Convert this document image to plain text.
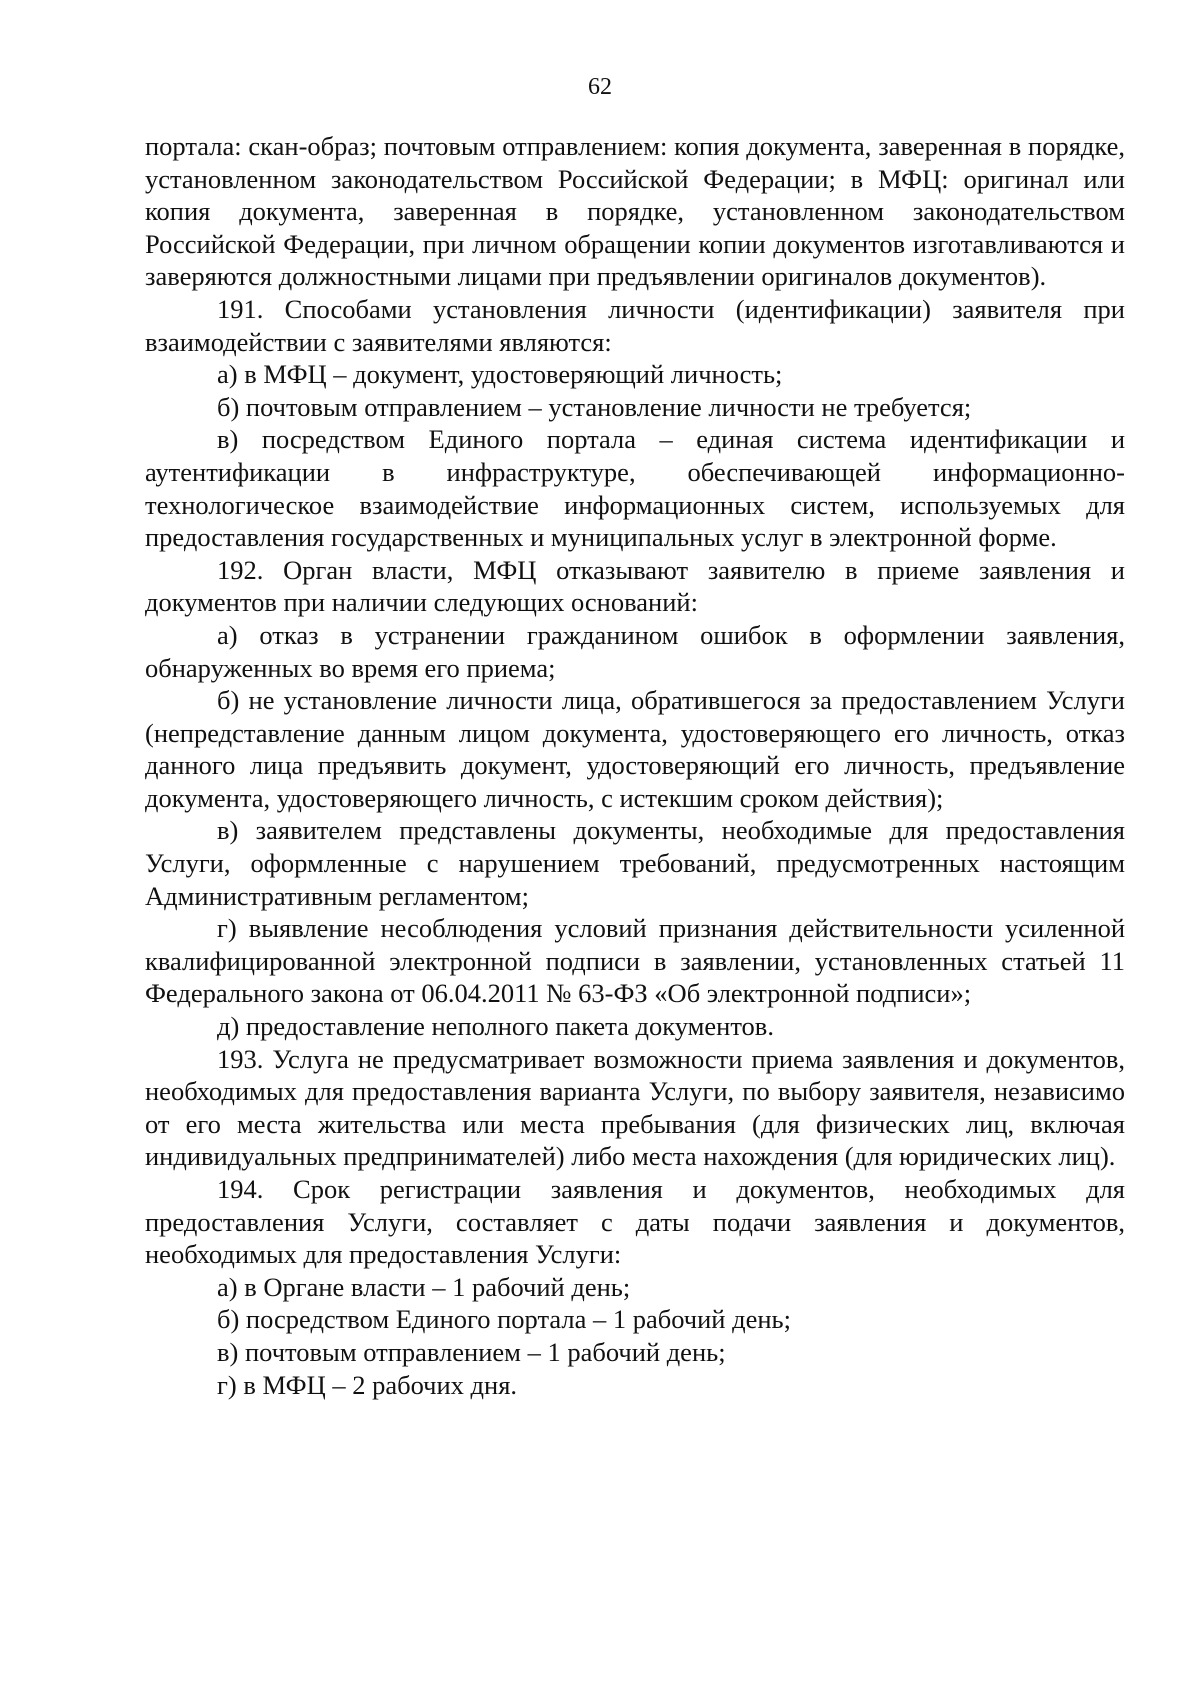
62

портала: скан-образ; почтовым отправлением: копия документа, заверенная в порядке, установленном законодательством Российской Федерации; в МФЦ: оригинал или копия документа, заверенная в порядке, установленном законодательством Российской Федерации, при личном обращении копии документов изготавливаются и заверяются должностными лицами при предъявлении оригиналов документов).

191. Способами установления личности (идентификации) заявителя при взаимодействии с заявителями являются:

а) в МФЦ – документ, удостоверяющий личность;

б) почтовым отправлением – установление личности не требуется;

в) посредством Единого портала – единая система идентификации и аутентификации в инфраструктуре, обеспечивающей информационно-технологическое взаимодействие информационных систем, используемых для предоставления государственных и муниципальных услуг в электронной форме.

192. Орган власти, МФЦ отказывают заявителю в приеме заявления и документов при наличии следующих оснований:

а) отказ в устранении гражданином ошибок в оформлении заявления, обнаруженных во время его приема;

б) не установление личности лица, обратившегося за предоставлением Услуги (непредставление данным лицом документа, удостоверяющего его личность, отказ данного лица предъявить документ, удостоверяющий его личность, предъявление документа, удостоверяющего личность, с истекшим сроком действия);

в) заявителем представлены документы, необходимые для предоставления Услуги, оформленные с нарушением требований, предусмотренных настоящим Административным регламентом;

г) выявление несоблюдения условий признания действительности усиленной квалифицированной электронной подписи в заявлении, установленных статьей 11 Федерального закона от 06.04.2011 № 63-ФЗ «Об электронной подписи»;

д) предоставление неполного пакета документов.

193. Услуга не предусматривает возможности приема заявления и документов, необходимых для предоставления варианта Услуги, по выбору заявителя, независимо от его места жительства или места пребывания (для физических лиц, включая индивидуальных предпринимателей) либо места нахождения (для юридических лиц).

194. Срок регистрации заявления и документов, необходимых для предоставления Услуги, составляет с даты подачи заявления и документов, необходимых для предоставления Услуги:

а) в Органе власти – 1 рабочий день;

б) посредством Единого портала – 1 рабочий день;

в) почтовым отправлением – 1 рабочий день;

г) в МФЦ – 2 рабочих дня.
